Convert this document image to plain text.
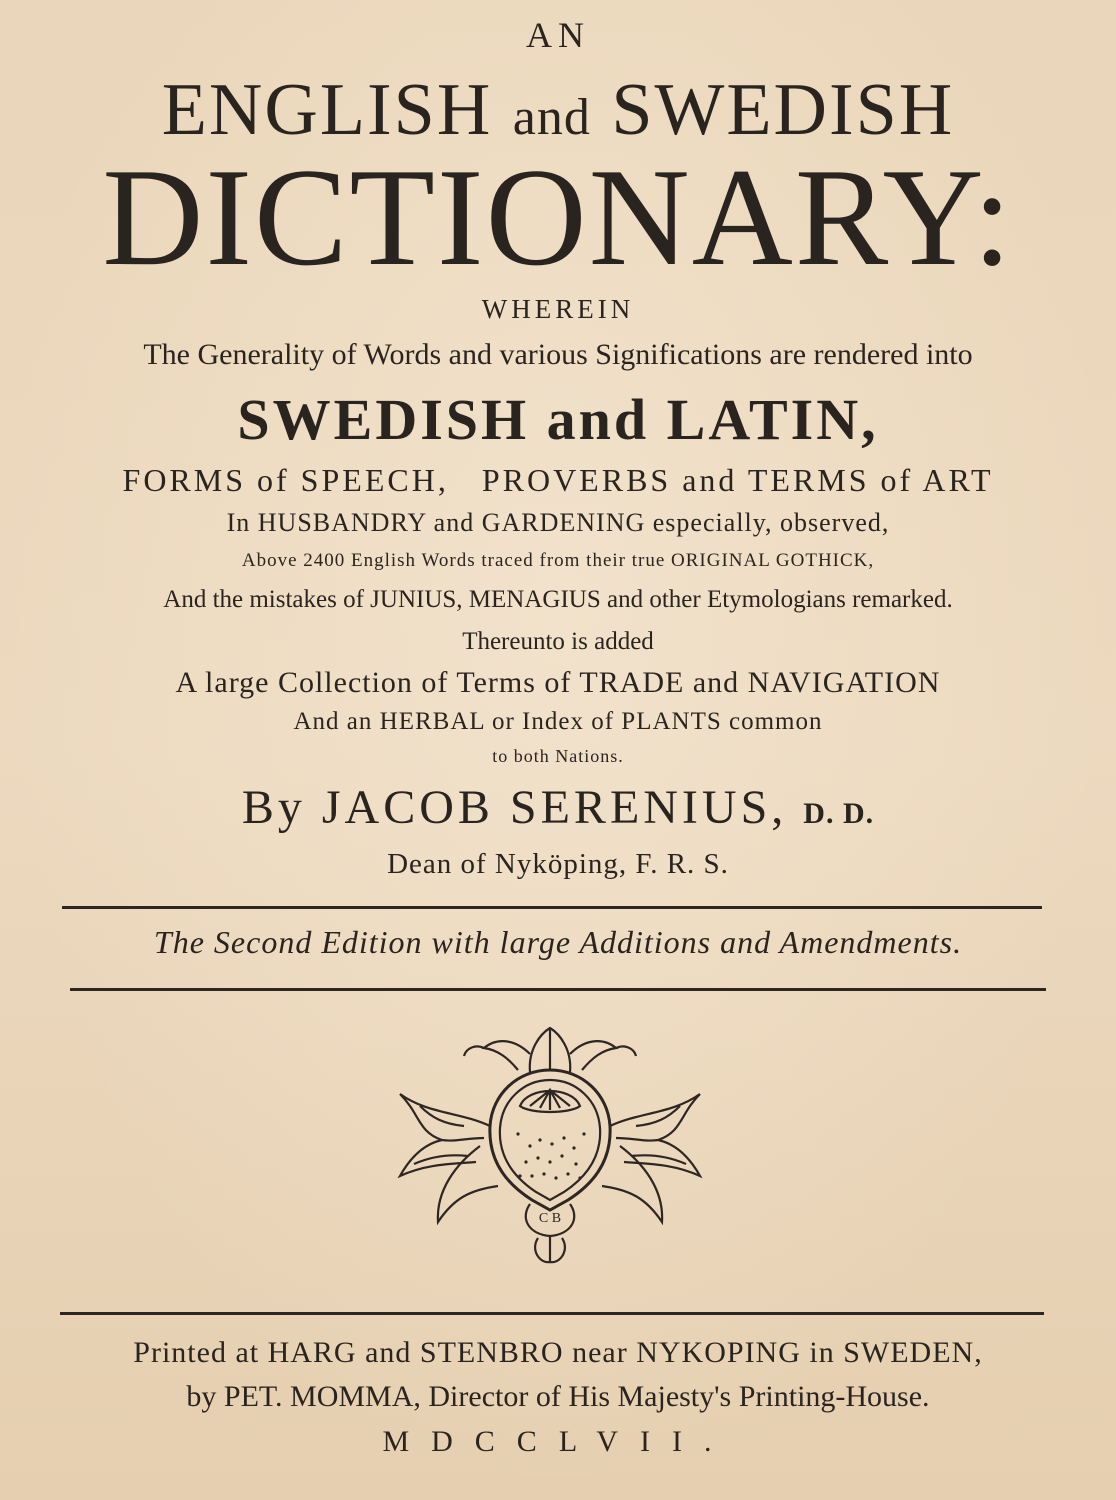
AN
ENGLISH and SWEDISH
DICTIONARY:
WHEREIN
The Generality of Words and various Significations are rendered into
SWEDISH and LATIN,
FORMS of SPEECH,   PROVERBS and TERMS of ART
In HUSBANDRY and GARDENING especially, observed,
Above 2400 English Words traced from their true ORIGINAL GOTHICK,
And the mistakes of JUNIUS, MENAGIUS and other Etymologians remarked.
Thereunto is added
A large Collection of Terms of TRADE and NAVIGATION
And an HERBAL or Index of PLANTS common
to both Nations.
By JACOB SERENIUS, D. D.
Dean of Nyköping, F. R. S.
The Second Edition with large Additions and Amendments.
C B
Printed at HARG and STENBRO near NYKOPING in SWEDEN,
by PET. MOMMA, Director of His Majesty's Printing-House.
MDCCLVII.
